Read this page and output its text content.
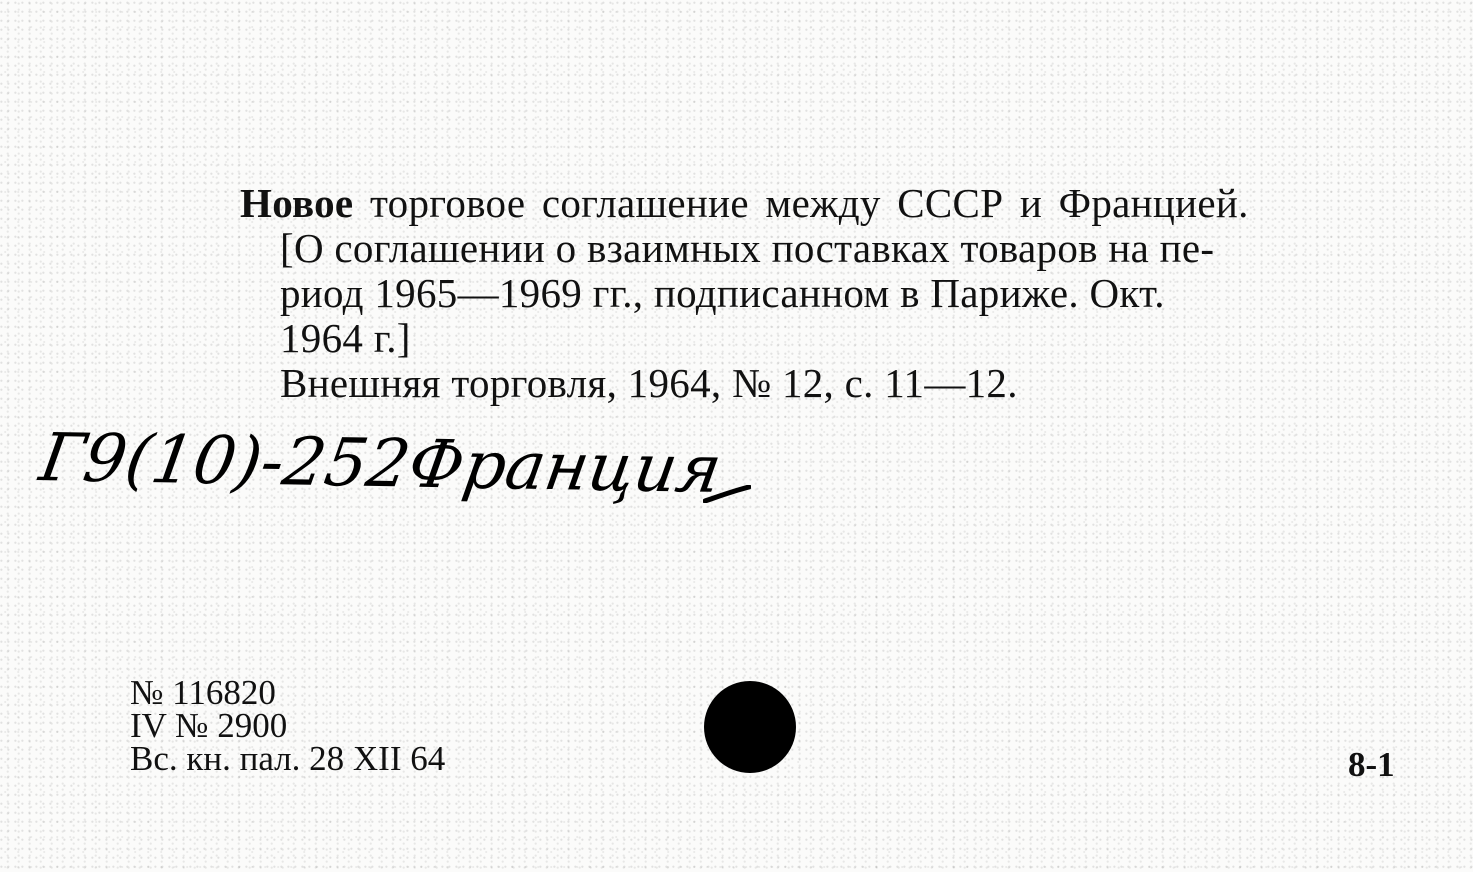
Новое торговое соглашение между СССР и Францией.
[О соглашении о взаимных поставках товаров на пе-
риод 1965—1969 гг., подписанном в Париже. Окт.
1964 г.]
Внешняя торговля, 1964, № 12, с. 11—12.
Г9(10)-252Франция
№ 116820
IV № 2900
Вс. кн. пал. 28 XII 64	8-1
